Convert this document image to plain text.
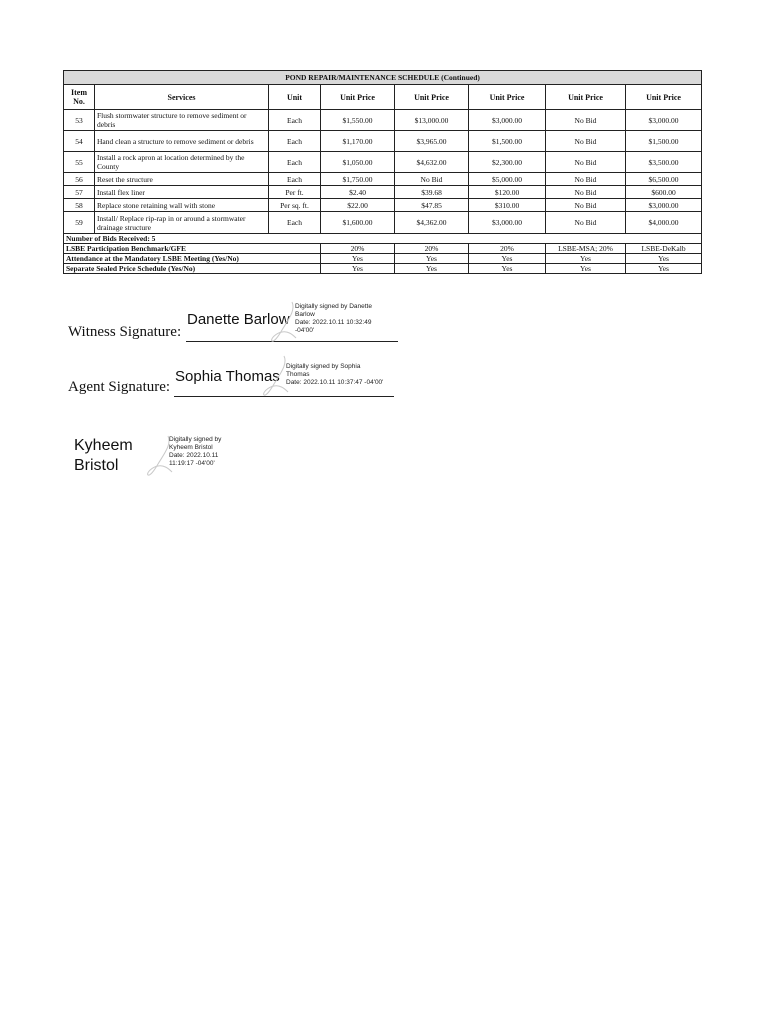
POND REPAIR/MAINTENANCE SCHEDULE (Continued)							
Item No.	Services	Unit	Unit Price	Unit Price	Unit Price	Unit Price	Unit Price
53	Flush stormwater structure to remove sediment or debris	Each	$1,550.00	$13,000.00	$3,000.00	No Bid	$3,000.00
54	Hand clean a structure to remove sediment or debris	Each	$1,170.00	$3,965.00	$1,500.00	No Bid	$1,500.00
55	Install a rock apron at location determined by the County	Each	$1,050.00	$4,632.00	$2,300.00	No Bid	$3,500.00
56	Reset the structure	Each	$1,750.00	No Bid	$5,000.00	No Bid	$6,500.00
57	Install flex liner	Per ft.	$2.40	$39.68	$120.00	No Bid	$600.00
58	Replace stone retaining wall with stone	Per sq. ft.	$22.00	$47.85	$310.00	No Bid	$3,000.00
59	Install/ Replace rip-rap in or around a stormwater drainage structure	Each	$1,600.00	$4,362.00	$3,000.00	No Bid	$4,000.00
Number of Bids Received: 5							
LSBE Participation Benchmark/GFE			20%	20%	20%	LSBE-MSA; 20%	LSBE-DeKalb
Attendance at the Mandatory LSBE Meeting (Yes/No)			Yes	Yes	Yes	Yes	Yes
Separate Sealed Price Schedule (Yes/No)			Yes	Yes	Yes	Yes	Yes
Witness Signature:
Danette Barlow
Digitally signed by Danette
Barlow
Date: 2022.10.11 10:32:49
-04'00'
Agent Signature:
Sophia Thomas
Digitally signed by Sophia
Thomas
Date: 2022.10.11 10:37:47 -04'00'
Kyheem Bristol
Digitally signed by
Kyheem Bristol
Date: 2022.10.11
11:19:17 -04'00'
